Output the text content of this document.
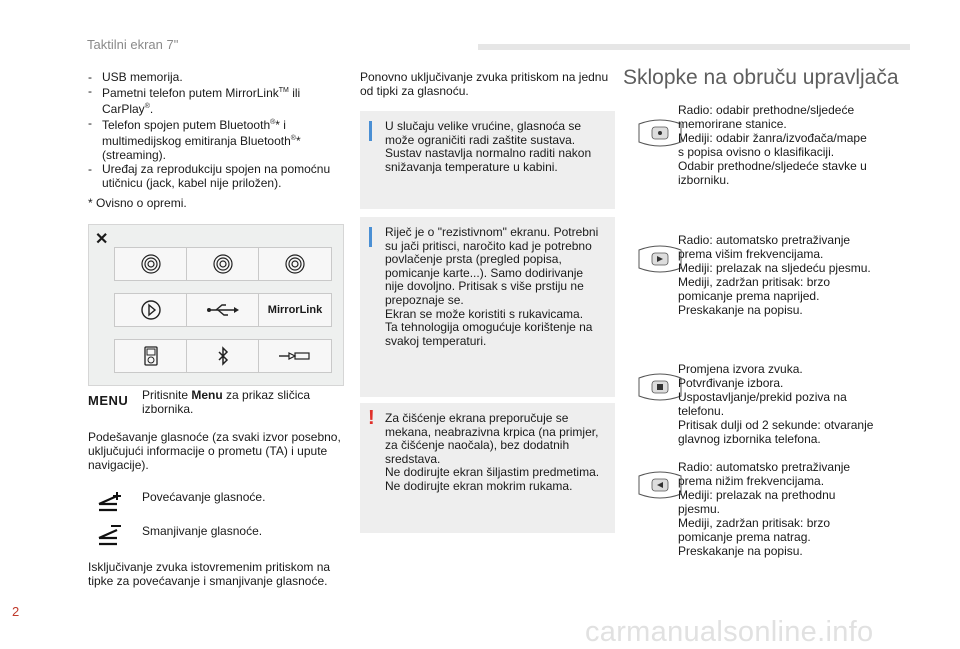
Taktilni ekran 7"
- USB memorija.
- Pametni telefon putem MirrorLink™ ili
CarPlay®.
- Telefon spojen putem Bluetooth®* i
multimedijskog emitiranja Bluetooth®*
(streaming).
- Uređaj za reprodukciju spojen na pomoćnu
utičnicu (jack, kabel nije priložen).
* Ovisno o opremi.
✕
MirrorLink
MENU Pritisnite Menu za prikaz sličica
izbornika.
Podešavanje glasnoće (za svaki izvor posebno,
uključujući informacije o prometu (TA) i upute
navigacije).
Povećavanje glasnoće.
Smanjivanje glasnoće.
Isključivanje zvuka istovremenim pritiskom na
tipke za povećavanje i smanjivanje glasnoće.
Ponovno uključivanje zvuka pritiskom na jednu
od tipki za glasnoću.
U slučaju velike vrućine, glasnoća se
može ograničiti radi zaštite sustava.
Sustav nastavlja normalno raditi nakon
snižavanja temperature u kabini.
Riječ je o "rezistivnom" ekranu. Potrebni
su jači pritisci, naročito kad je potrebno
povlačenje prsta (pregled popisa,
pomicanje karte...). Samo dodirivanje
nije dovoljno. Pritisak s više prstiju ne
prepoznaje se.
Ekran se može koristiti s rukavicama.
Ta tehnologija omogućuje korištenje na
svakoj temperaturi.
! Za čišćenje ekrana preporučuje se
mekana, neabrazivna krpica (na primjer,
za čišćenje naočala), bez dodatnih
sredstava.
Ne dodirujte ekran šiljastim predmetima.
Ne dodirujte ekran mokrim rukama.
Sklopke na obruču upravljača
Radio: odabir prethodne/sljedeće
memorirane stanice.
Mediji: odabir žanra/izvođača/mape
s popisa ovisno o klasifikaciji.
Odabir prethodne/sljedeće stavke u
izborniku.
Radio: automatsko pretraživanje
prema višim frekvencijama.
Mediji: prelazak na sljedeću pjesmu.
Mediji, zadržan pritisak: brzo
pomicanje prema naprijed.
Preskakanje na popisu.
Promjena izvora zvuka.
Potvrđivanje izbora.
Uspostavljanje/prekid poziva na
telefonu.
Pritisak dulji od 2 sekunde: otvaranje
glavnog izbornika telefona.
Radio: automatsko pretraživanje
prema nižim frekvencijama.
Mediji: prelazak na prethodnu
pjesmu.
Mediji, zadržan pritisak: brzo
pomicanje prema natrag.
Preskakanje na popisu.
2
carmanualsonline.info
